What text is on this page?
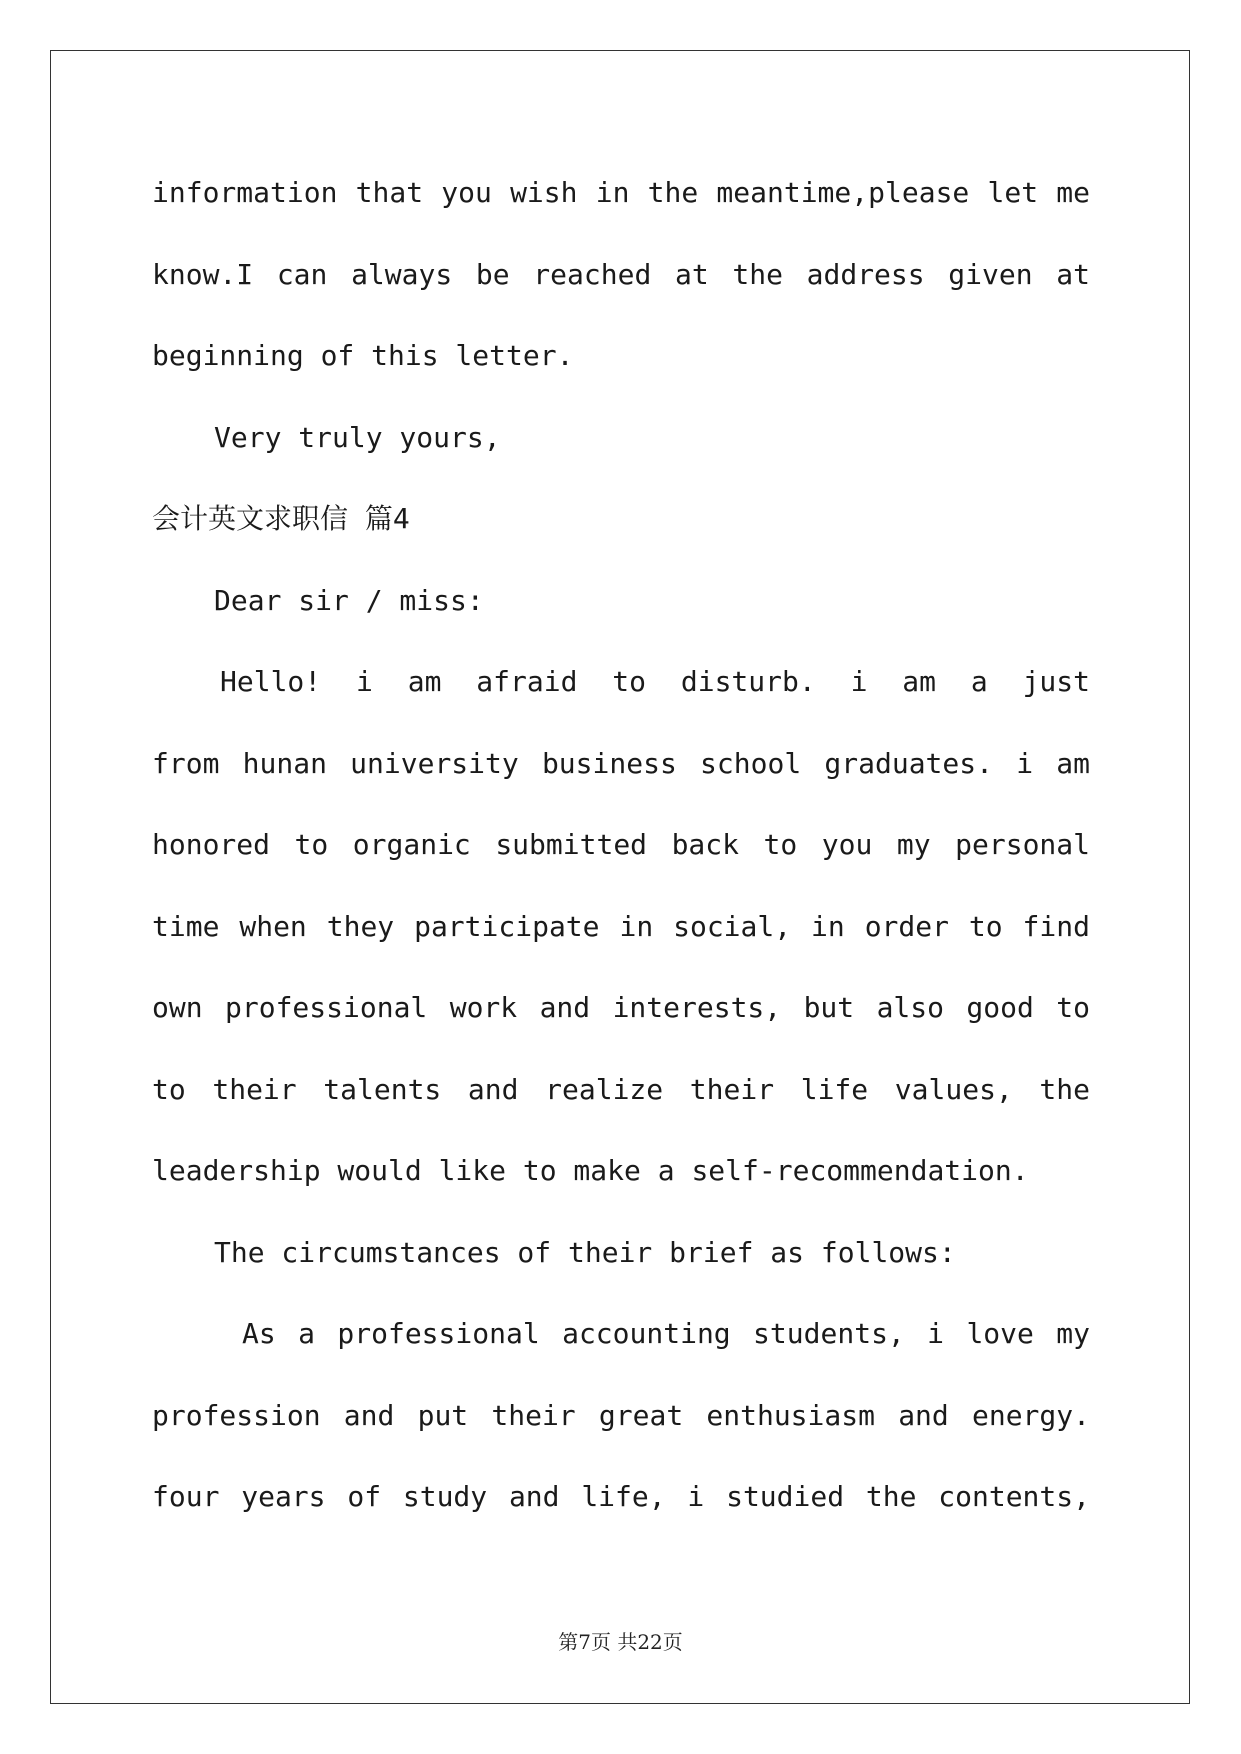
information that you wish in the meantime,please let me
know.I can always be reached at the address given at
beginning of this letter.
Very truly yours,
会计英文求职信 篇4
Dear sir / miss:
Hello! i am afraid to disturb. i am a just
from hunan university business school graduates. i am
honored to organic submitted back to you my personal
time when they participate in social, in order to find
own professional work and interests, but also good to
to their talents and realize their life values, the
leadership would like to make a self-recommendation.
The circumstances of their brief as follows:
As a professional accounting students, i love my
profession and put their great enthusiasm and energy.
four years of study and life, i studied the contents,
第7页 共22页
